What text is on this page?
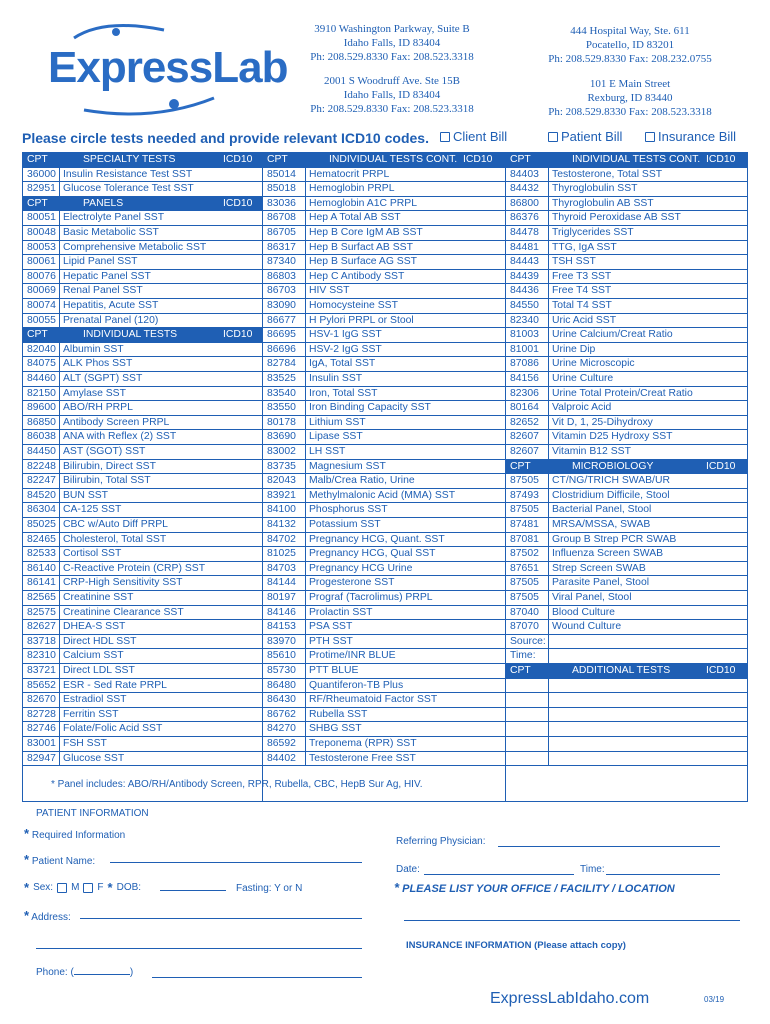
ExpressLab
3910 Washington Parkway, Suite B
Idaho Falls, ID 83404
Ph: 208.529.8330 Fax: 208.523.3318
444 Hospital Way, Ste. 611
Pocatello, ID 83201
Ph: 208.529.8330 Fax: 208.232.0755
2001 S Woodruff Ave. Ste 15B
Idaho Falls, ID 83404
Ph: 208.529.8330 Fax: 208.523.3318
101 E Main Street
Rexburg, ID 83440
Ph: 208.529.8330 Fax: 208.523.3318
Please circle tests needed and provide relevant ICD10 codes. Client Bill	Patient Bill	Insurance Bill
CPT	SPECIALTY TESTS	ICD10
36000 Insulin Resistance Test SST
82951 Glucose Tolerance Test SST
CPT	PANELS	ICD10
80051 Electrolyte Panel SST
80048 Basic Metabolic SST
80053 Comprehensive Metabolic SST
80061 Lipid Panel SST
80076 Hepatic Panel SST
80069 Renal Panel SST
80074 Hepatitis, Acute SST
80055 Prenatal Panel (120)
CPT	INDIVIDUAL TESTS	ICD10
82040 Albumin SST
84075 ALK Phos SST
84460 ALT (SGPT) SST
82150 Amylase SST
89600 ABO/RH PRPL
86850 Antibody Screen PRPL
86038 ANA with Reflex (2) SST
84450 AST (SGOT) SST
82248 Bilirubin, Direct SST
82247 Bilirubin, Total SST
84520 BUN SST
86304 CA-125 SST
85025 CBC w/Auto Diff PRPL
82465 Cholesterol, Total SST
82533 Cortisol SST
86140 C-Reactive Protein (CRP) SST
86141 CRP-High Sensitivity SST
82565 Creatinine SST
82575 Creatinine Clearance SST
82627 DHEA-S SST
83718 Direct HDL SST
82310 Calcium SST
83721 Direct LDL SST
85652 ESR - Sed Rate PRPL
82670 Estradiol SST
82728 Ferritin SST
82746 Folate/Folic Acid SST
83001 FSH SST
82947 Glucose SST
CPT	INDIVIDUAL TESTS CONT. ICD10
85014 Hematocrit PRPL
85018 Hemoglobin PRPL
83036 Hemoglobin A1C PRPL
86708 Hep A Total AB SST
86705 Hep B Core IgM AB SST
86317 Hep B Surfact AB SST
87340 Hep B Surface AG SST
86803 Hep C Antibody SST
86703 HIV SST
83090 Homocysteine SST
86677 H Pylori PRPL or Stool
86695 HSV-1 IgG SST
86696 HSV-2 IgG SST
82784 IgA, Total SST
83525 Insulin SST
83540 Iron, Total SST
83550 Iron Binding Capacity SST
80178 Lithium SST
83690 Lipase SST
83002 LH SST
83735 Magnesium SST
82043 Malb/Crea Ratio, Urine
83921 Methylmalonic Acid (MMA) SST
84100 Phosphorus SST
84132 Potassium SST
84702 Pregnancy HCG, Quant. SST
81025 Pregnancy HCG, Qual SST
84703 Pregnancy HCG Urine
84144 Progesterone SST
80197 Prograf (Tacrolimus) PRPL
84146 Prolactin SST
84153 PSA SST
83970 PTH SST
85610 Protime/INR BLUE
85730 PTT BLUE
86480 Quantiferon-TB Plus
86430 RF/Rheumatoid Factor SST
86762 Rubella SST
84270 SHBG SST
86592 Treponema (RPR) SST
84402 Testosterone Free SST
CPT	INDIVIDUAL TESTS CONT. ICD10
84403 Testosterone, Total SST
84432 Thyroglobulin SST
86800 Thyroglobulin AB SST
86376 Thyroid Peroxidase AB SST
84478 Triglycerides SST
84481 TTG, IgA SST
84443 TSH SST
84439 Free T3 SST
84436 Free T4 SST
84550 Total T4 SST
82340 Uric Acid SST
81003 Urine Calcium/Creat Ratio
81001 Urine Dip
87086 Urine Microscopic
84156 Urine Culture
82306 Urine Total Protein/Creat Ratio
80164 Valproic Acid
82652 Vit D, 1, 25-Dihydroxy
82607 Vitamin D25 Hydroxy SST
82607 Vitamin B12 SST
CPT	MICROBIOLOGY	ICD10
87505 CT/NG/TRICH SWAB/UR
87493 Clostridium Difficile, Stool
87505 Bacterial Panel, Stool
87481 MRSA/MSSA, SWAB
87081 Group B Strep PCR SWAB
87502 Influenza Screen SWAB
87651 Strep Screen SWAB
87505 Parasite Panel, Stool
87505 Viral Panel, Stool
87040 Blood Culture
87070 Wound Culture
Source:
Time:
CPT	ADDITIONAL TESTS	ICD10
* Panel includes: ABO/RH/Antibody Screen, RPR, Rubella, CBC, HepB Sur Ag, HIV.
PATIENT INFORMATION
* Required Information
* Patient Name:
* Sex: M F * DOB:	Fasting: Y or N
* Address:
Phone: (	)
Referring Physician:
Date:	Time:
* PLEASE LIST YOUR OFFICE / FACILITY / LOCATION
INSURANCE INFORMATION (Please attach copy)
ExpressLabIdaho.com	03/19
